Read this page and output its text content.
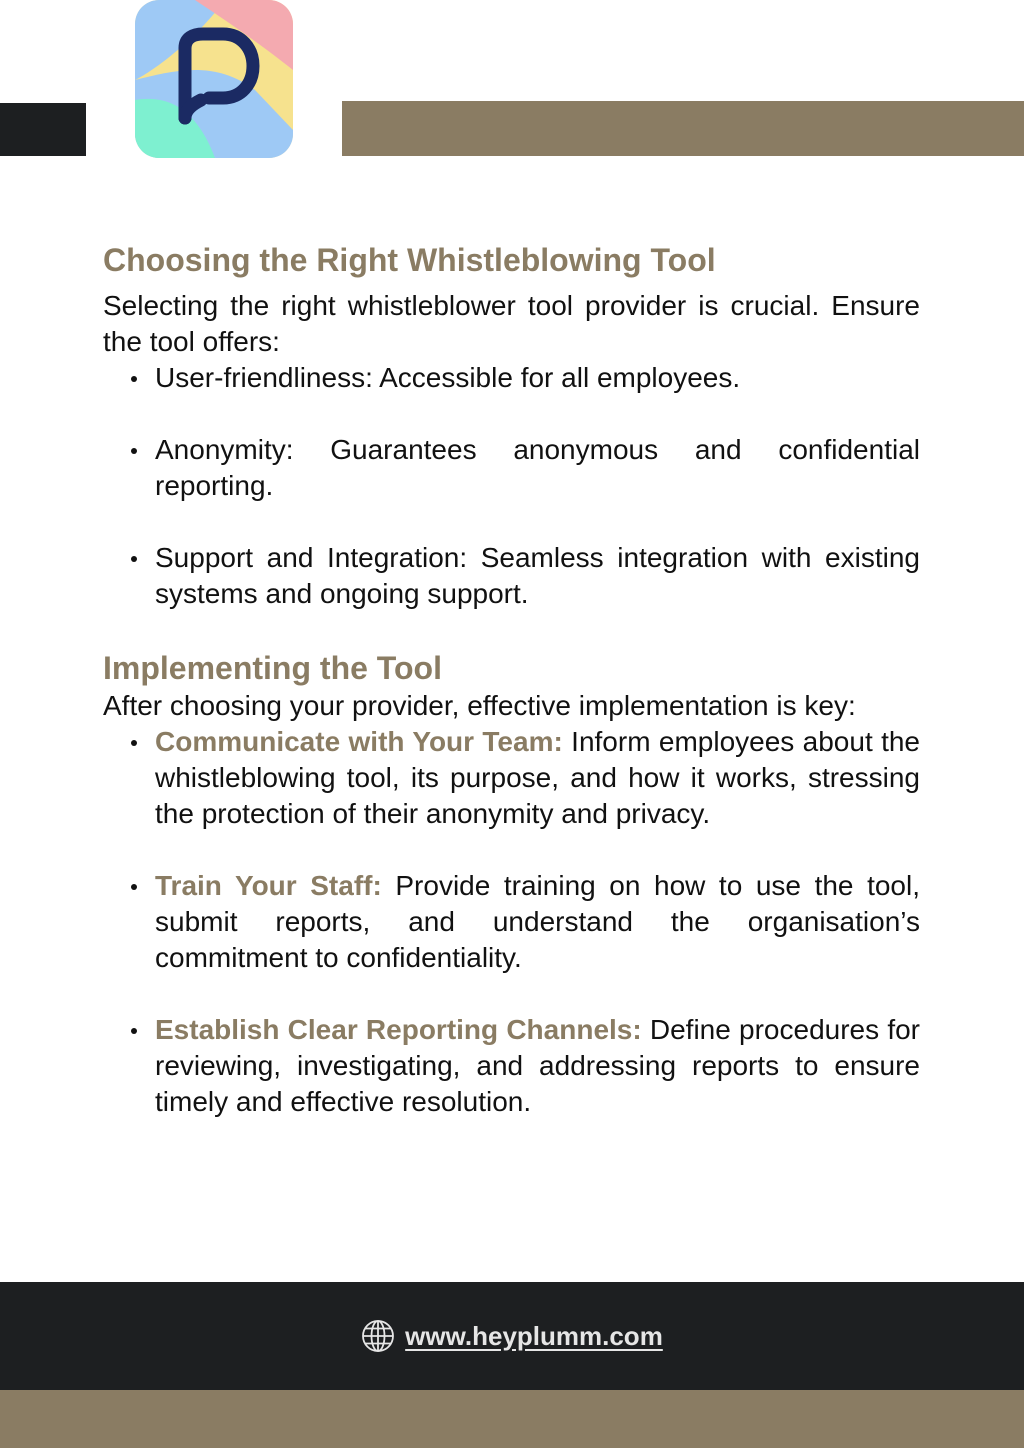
Choosing the Right Whistleblowing Tool

Selecting the right whistleblower tool provider is crucial. Ensure the tool offers:

User-friendliness: Accessible for all employees.
Anonymity: Guarantees anonymous and confidential reporting.
Support and Integration: Seamless integration with existing systems and ongoing support.
Implementing the Tool

After choosing your provider, effective implementation is key:

Communicate with Your Team: Inform employees about the whistleblowing tool, its purpose, and how it works, stressing the protection of their anonymity and privacy.
Train Your Staff: Provide training on how to use the tool, submit reports, and understand the organisation’s commitment to confidentiality.
Establish Clear Reporting Channels: Define procedures for reviewing, investigating, and addressing reports to ensure timely and effective resolution.
www.heyplumm.com
